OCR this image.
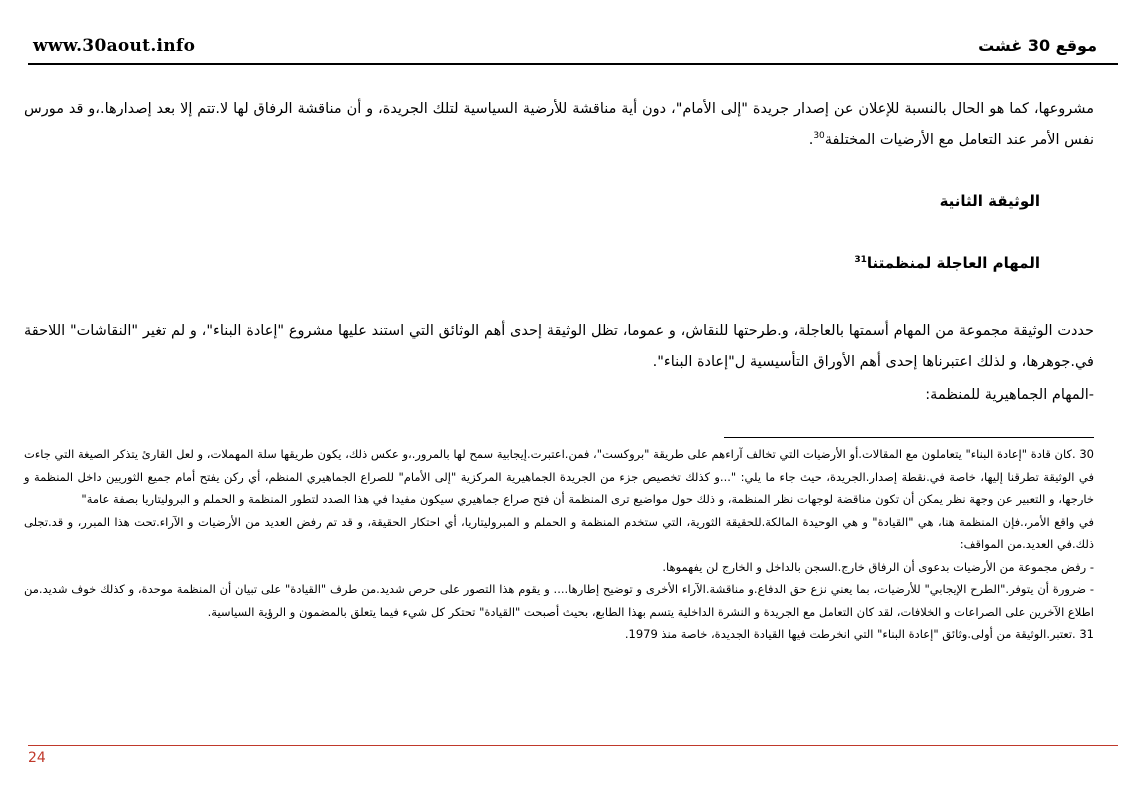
www.30aout.info	موقع 30 غشت

مشروعها، كما هو الحال بالنسبة للإعلان عن إصدار جريدة "إلى الأمام"، دون أية مناقشة للأرضية السياسية لتلك الجريدة، و أن مناقشة الرفاق لها لا.تتم إلا بعد إصدارها.،و قد مورس نفس الأمر عند التعامل مع الأرضيات المختلفة$^{30}$.

الوثيقة الثانية
المهام العاجلة لمنظمتنا$^{31}$

حددت الوثيقة مجموعة من المهام أسمتها بالعاجلة، و.طرحتها للنقاش، و عموما، تظل الوثيقة إحدى أهم الوثائق التي استند عليها مشروع "إعادة البناء"، و لم تغير "النقاشات" اللاحقة في.جوهرها، و لذلك اعتبرناها إحدى أهم الأوراق التأسيسية ل"إعادة البناء".

-المهام الجماهيرية للمنظمة:

30 .كان قادة "إعادة البناء" يتعاملون مع المقالات.أو الأرضيات التي تخالف آراءهم على طريقة "بروكست"، فمن.اعتبرت.إيجابية سمح لها بالمرور.،و عكس ذلك، يكون طريقها سلة المهملات، و لعل القارئ يتذكر الصيغة التي جاءت في الوثيقة تطرقنا إليها، خاصة في.نقطة إصدار.الجريدة، حيث جاء ما يلي: "...و كذلك تخصيص جزء من الجريدة الجماهيرية المركزية "إلى الأمام" للصراع الجماهيري المنظم، أي ركن يفتح أمام جميع الثوريين داخل المنظمة و خارجها، و التعبير عن وجهة نظر يمكن أن تكون مناقضة لوجهات نظر المنظمة، و ذلك حول مواضيع ترى المنظمة أن فتح صراع جماهيري سيكون مفيدا في هذا الصدد لتطور المنظمة و الحملم و البروليتاريا بصفة عامة"

في واقع الأمر،.فإن المنظمة هنا، هي "القيادة" و هي الوحيدة المالكة.للحقيقة الثورية، التي ستخدم المنظمة و الحملم و المبروليتاريا، أي احتكار الحقيقة، و قد تم رفض العديد من الأرضيات و الآراء.تحت هذا المبرر، و قد.تجلى ذلك.في العديد.من المواقف:

- رفض مجموعة من الأرضيات بدعوى أن الرفاق خارج.السجن بالداخل و الخارج لن يفهموها.

- ضرورة أن يتوفر."الطرح الإيجابي" للأرضيات، بما يعني نزع حق الدفاع.و مناقشة.الآراء الأخرى و توضيح إطارها.... و يقوم هذا التصور على حرص شديد.من طرف "القيادة" على تبيان أن المنظمة موحدة، و كذلك خوف شديد.من اطلاع الآخرين على الصراعات و الخلافات، لقد كان التعامل مع الجريدة و النشرة الداخلية يتسم بهذا الطابع، بحيث أصبحت "القيادة" تحتكر كل شيء فيما يتعلق بالمضمون و الرؤية السياسية.

31 .تعتبر.الوثيقة من أولى.وثائق "إعادة البناء" التي انخرطت فيها القيادة الجديدة، خاصة منذ 1979.

24
